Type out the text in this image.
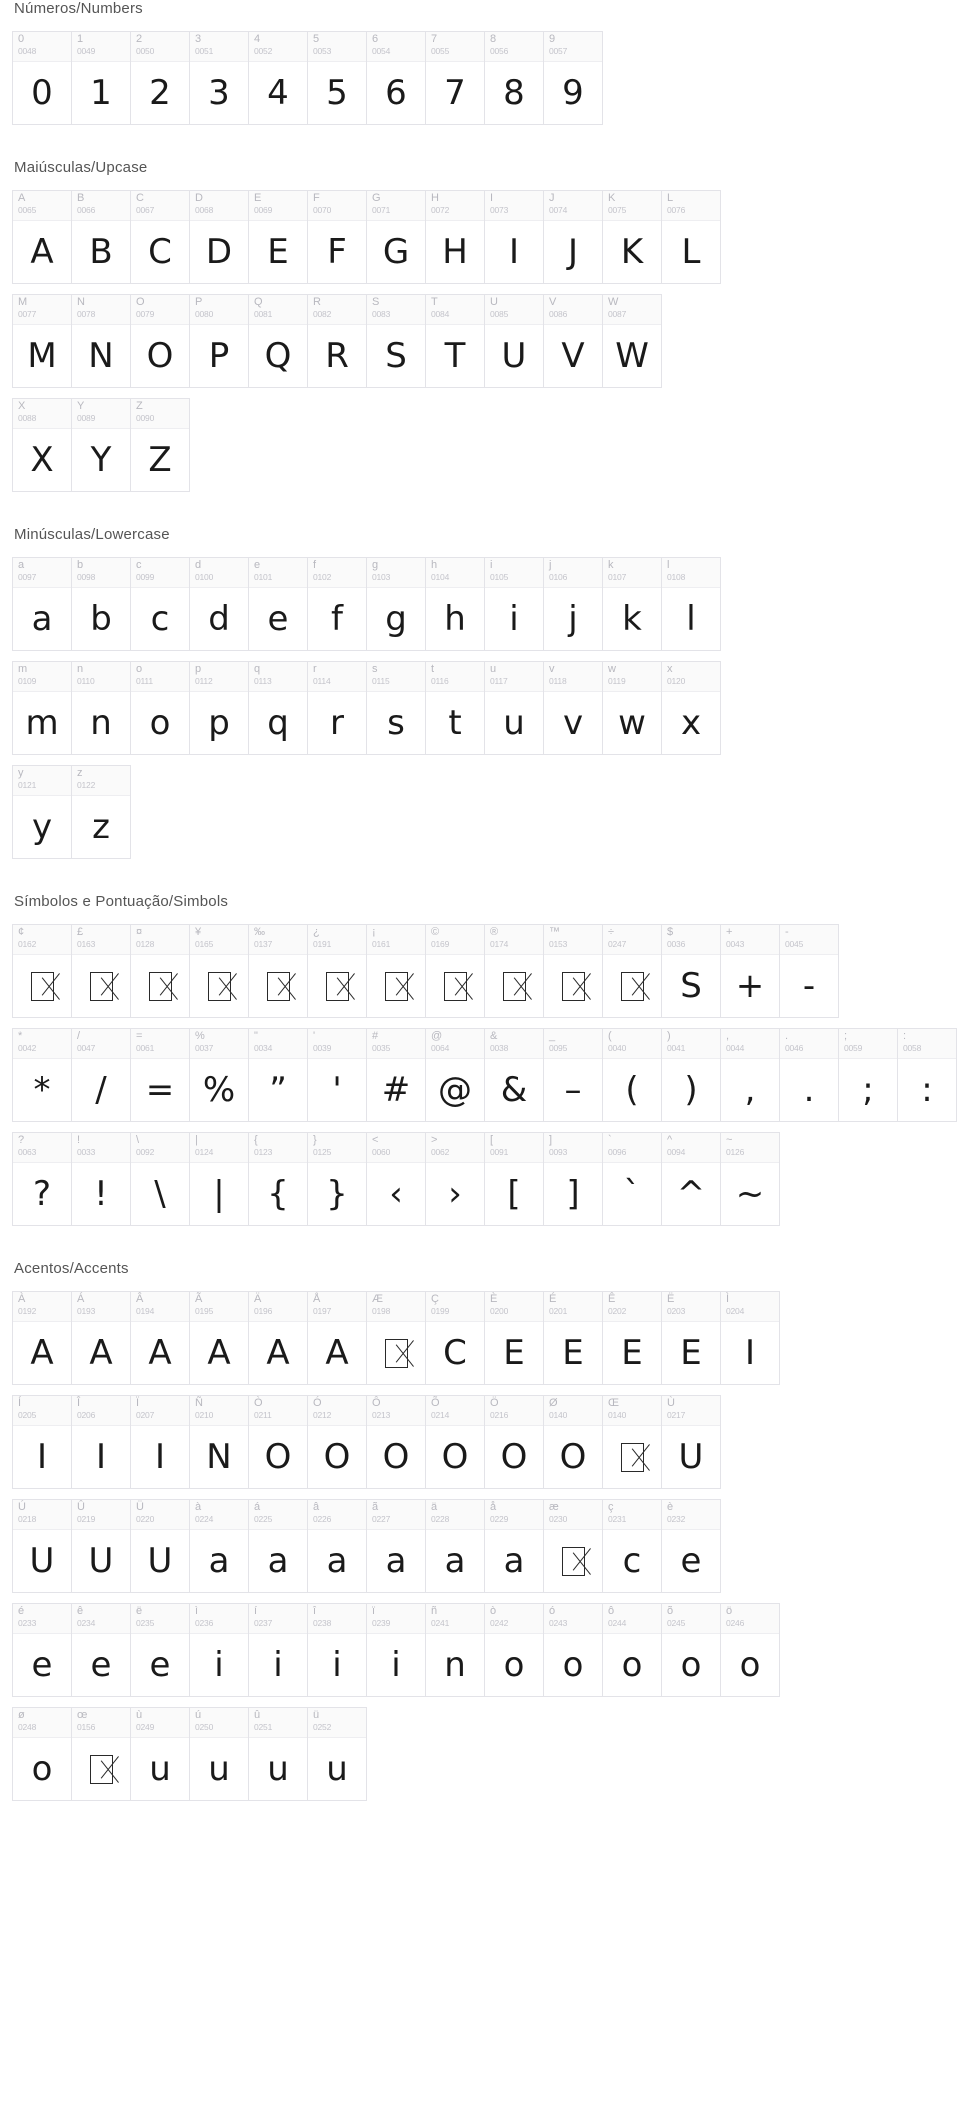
Números/Numbers
0
0048
0
1
0049
1
2
0050
2
3
0051
3
4
0052
4
5
0053
5
6
0054
6
7
0055
7
8
0056
8
9
0057
9
Maiúsculas/Upcase
A
0065
A
B
0066
B
C
0067
C
D
0068
D
E
0069
E
F
0070
F
G
0071
G
H
0072
H
I
0073
I
J
0074
J
K
0075
K
L
0076
L
M
0077
M
N
0078
N
O
0079
O
P
0080
P
Q
0081
Q
R
0082
R
S
0083
S
T
0084
T
U
0085
U
V
0086
V
W
0087
W
X
0088
X
Y
0089
Y
Z
0090
Z
Minúsculas/Lowercase
a
0097
a
b
0098
b
c
0099
c
d
0100
d
e
0101
e
f
0102
f
g
0103
g
h
0104
h
i
0105
i
j
0106
j
k
0107
k
l
0108
l
m
0109
m
n
0110
n
o
0111
o
p
0112
p
q
0113
q
r
0114
r
s
0115
s
t
0116
t
u
0117
u
v
0118
v
w
0119
w
x
0120
x
y
0121
y
z
0122
z
Símbolos e Pontuação/Simbols
¢
0162
£
0163
¤
0128
¥
0165
‰
0137
¿
0191
¡
0161
©
0169
®
0174
™
0153
÷
0247
$
0036
S
+
0043
+
-
0045
-
*
0042
*
/
0047
/
=
0061
=
%
0037
%
"
0034
”
'
0039
'
#
0035
#
@
0064
@
&
0038
&
_
0095
–
(
0040
(
)
0041
)
,
0044
,
.
0046
.
;
0059
;
:
0058
:
?
0063
?
!
0033
!
\
0092
\
|
0124
|
{
0123
{
}
0125
}
<
0060
‹
>
0062
›
[
0091
[
]
0093
]
`
0096
`
^
0094
^
~
0126
~
Acentos/Accents
À
0192
A
Á
0193
A
Â
0194
A
Ã
0195
A
Ä
0196
A
Å
0197
A
Æ
0198
Ç
0199
C
È
0200
E
É
0201
E
Ê
0202
E
Ë
0203
E
Ì
0204
I
Í
0205
I
Î
0206
I
Ï
0207
I
Ñ
0210
N
Ò
0211
O
Ó
0212
O
Ô
0213
O
Õ
0214
O
Ö
0216
O
Ø
0140
O
Œ
0140
Ù
0217
U
Ú
0218
U
Û
0219
U
Ü
0220
U
à
0224
a
á
0225
a
â
0226
a
ã
0227
a
ä
0228
a
å
0229
a
æ
0230
ç
0231
c
è
0232
e
é
0233
e
ê
0234
e
ë
0235
e
ì
0236
i
í
0237
i
î
0238
i
ï
0239
i
ñ
0241
n
ò
0242
o
ó
0243
o
ô
0244
o
õ
0245
o
ö
0246
o
ø
0248
o
œ
0156
ù
0249
u
ú
0250
u
û
0251
u
ü
0252
u
